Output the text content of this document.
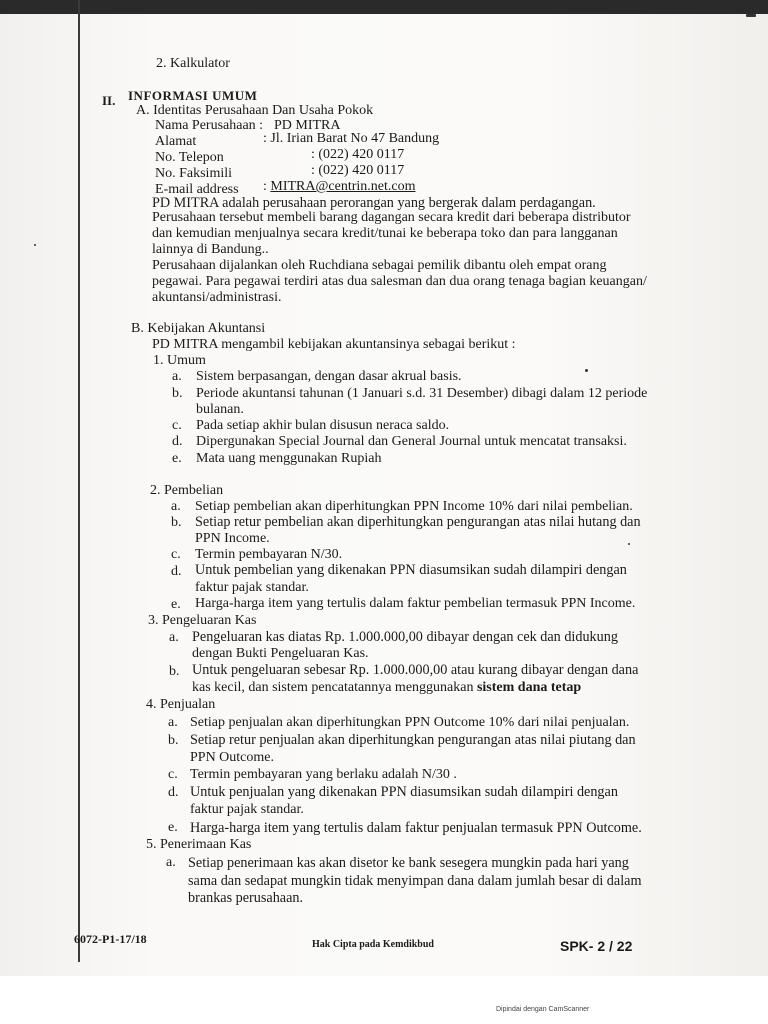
2. Kalkulator
II. INFORMASI UMUM
A. Identitas Perusahaan Dan Usaha Pokok
Nama Perusahaan : PD MITRA
Alamat	: Jl. Irian Barat No 47 Bandung
No. Telepon	: (022) 420 0117
No. Faksimili	: (022) 420 0117
E-mail address : MITRA@centrin.net.com
PD MITRA adalah perusahaan perorangan yang bergerak dalam perdagangan.
Perusahaan tersebut membeli barang dagangan secara kredit dari beberapa distributor
dan kemudian menjualnya secara kredit/tunai ke beberapa toko dan para langganan
lainnya di Bandung..
Perusahaan dijalankan oleh Ruchdiana sebagai pemilik dibantu oleh empat orang
pegawai. Para pegawai terdiri atas dua salesman dan dua orang tenaga bagian keuangan/
akuntansi/administrasi.
B. Kebijakan Akuntansi
PD MITRA mengambil kebijakan akuntansinya sebagai berikut :
1. Umum
a. Sistem berpasangan, dengan dasar akrual basis.
b. Periode akuntansi tahunan (1 Januari s.d. 31 Desember) dibagi dalam 12 periode
bulanan.
c. Pada setiap akhir bulan disusun neraca saldo.
d. Dipergunakan Special Journal dan General Journal untuk mencatat transaksi.
e. Mata uang menggunakan Rupiah
2. Pembelian
a. Setiap pembelian akan diperhitungkan PPN Income 10% dari nilai pembelian.
b. Setiap retur pembelian akan diperhitungkan pengurangan atas nilai hutang dan
PPN Income.
c. Termin pembayaran N/30.
d. Untuk pembelian yang dikenakan PPN diasumsikan sudah dilampiri dengan
faktur pajak standar.
e. Harga-harga item yang tertulis dalam faktur pembelian termasuk PPN Income.
3. Pengeluaran Kas
a. Pengeluaran kas diatas Rp. 1.000.000,00 dibayar dengan cek dan didukung
dengan Bukti Pengeluaran Kas.
b. Untuk pengeluaran sebesar Rp. 1.000.000,00 atau kurang dibayar dengan dana
kas kecil, dan sistem pencatatannya menggunakan sistem dana tetap
4. Penjualan
a. Setiap penjualan akan diperhitungkan PPN Outcome 10% dari nilai penjualan.
b. Setiap retur penjualan akan diperhitungkan pengurangan atas nilai piutang dan
PPN Outcome.
c. Termin pembayaran yang berlaku adalah N/30 .
d. Untuk penjualan yang dikenakan PPN diasumsikan sudah dilampiri dengan
faktur pajak standar.
e. Harga-harga item yang tertulis dalam faktur penjualan termasuk PPN Outcome.
5. Penerimaan Kas
a. Setiap penerimaan kas akan disetor ke bank sesegera mungkin pada hari yang
sama dan sedapat mungkin tidak menyimpan dana dalam jumlah besar di dalam
brankas perusahaan.
6072-P1-17/18	Hak Cipta pada Kemdikbud	SPK- 2 / 22
Dipindai dengan CamScanner
